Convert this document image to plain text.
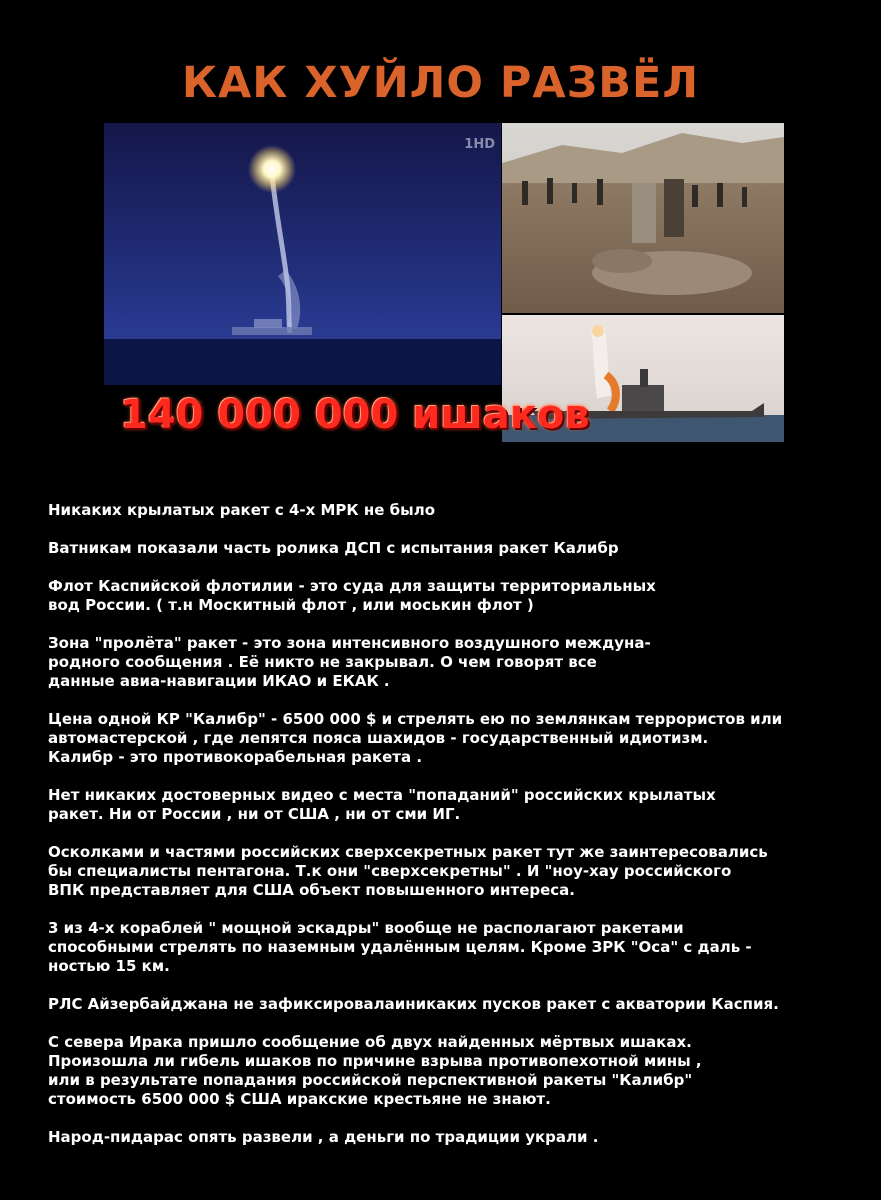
КАК ХУЙЛО РАЗВЁЛ
1HD
140 000 000 ишаков

Никаких крылатых ракет с 4-х МРК не было

Ватникам показали часть ролика ДСП с испытания ракет Калибр

Флот Каспийской флотилии - это суда для защиты территориальных
вод России. ( т.н Москитный флот , или моськин флот )

Зона "пролёта" ракет - это зона интенсивного воздушного междуна-
родного сообщения . Её никто не закрывал. О чем говорят все
данные авиа-навигации ИКАО и ЕКАК .

Цена одной КР "Калибр" - 6500 000 $ и стрелять ею по землянкам террористов или
автомастерской , где лепятся пояса шахидов - государственный идиотизм.
Калибр - это противокорабельная ракета .

Нет никаких достоверных видео с места "попаданий" российских крылатых
ракет. Ни от России , ни от США , ни от сми ИГ.

Осколками и частями российских сверхсекретных ракет тут же заинтересовались
бы специалисты пентагона. Т.к они "сверхсекретны" . И "ноу-хау российского
ВПК представляет для США объект повышенного интереса.

3 из 4-х кораблей " мощной эскадры" вообще не располагают ракетами
способными стрелять по наземным удалённым целям. Кроме ЗРК "Оса" с даль -
ностью 15 км.

РЛС Айзербайджана не зафиксировалаиникаких пусков ракет с акватории Каспия.

С севера Ирака пришло сообщение об двух найденных мёртвых ишаках.
Произошла ли гибель ишаков по причине взрыва противопехотной мины ,
или в результате попадания российской перспективной ракеты "Калибр"
стоимость 6500 000 $ США иракские крестьяне не знают.

Народ-пидарас опять развели , а деньги по традиции украли .
